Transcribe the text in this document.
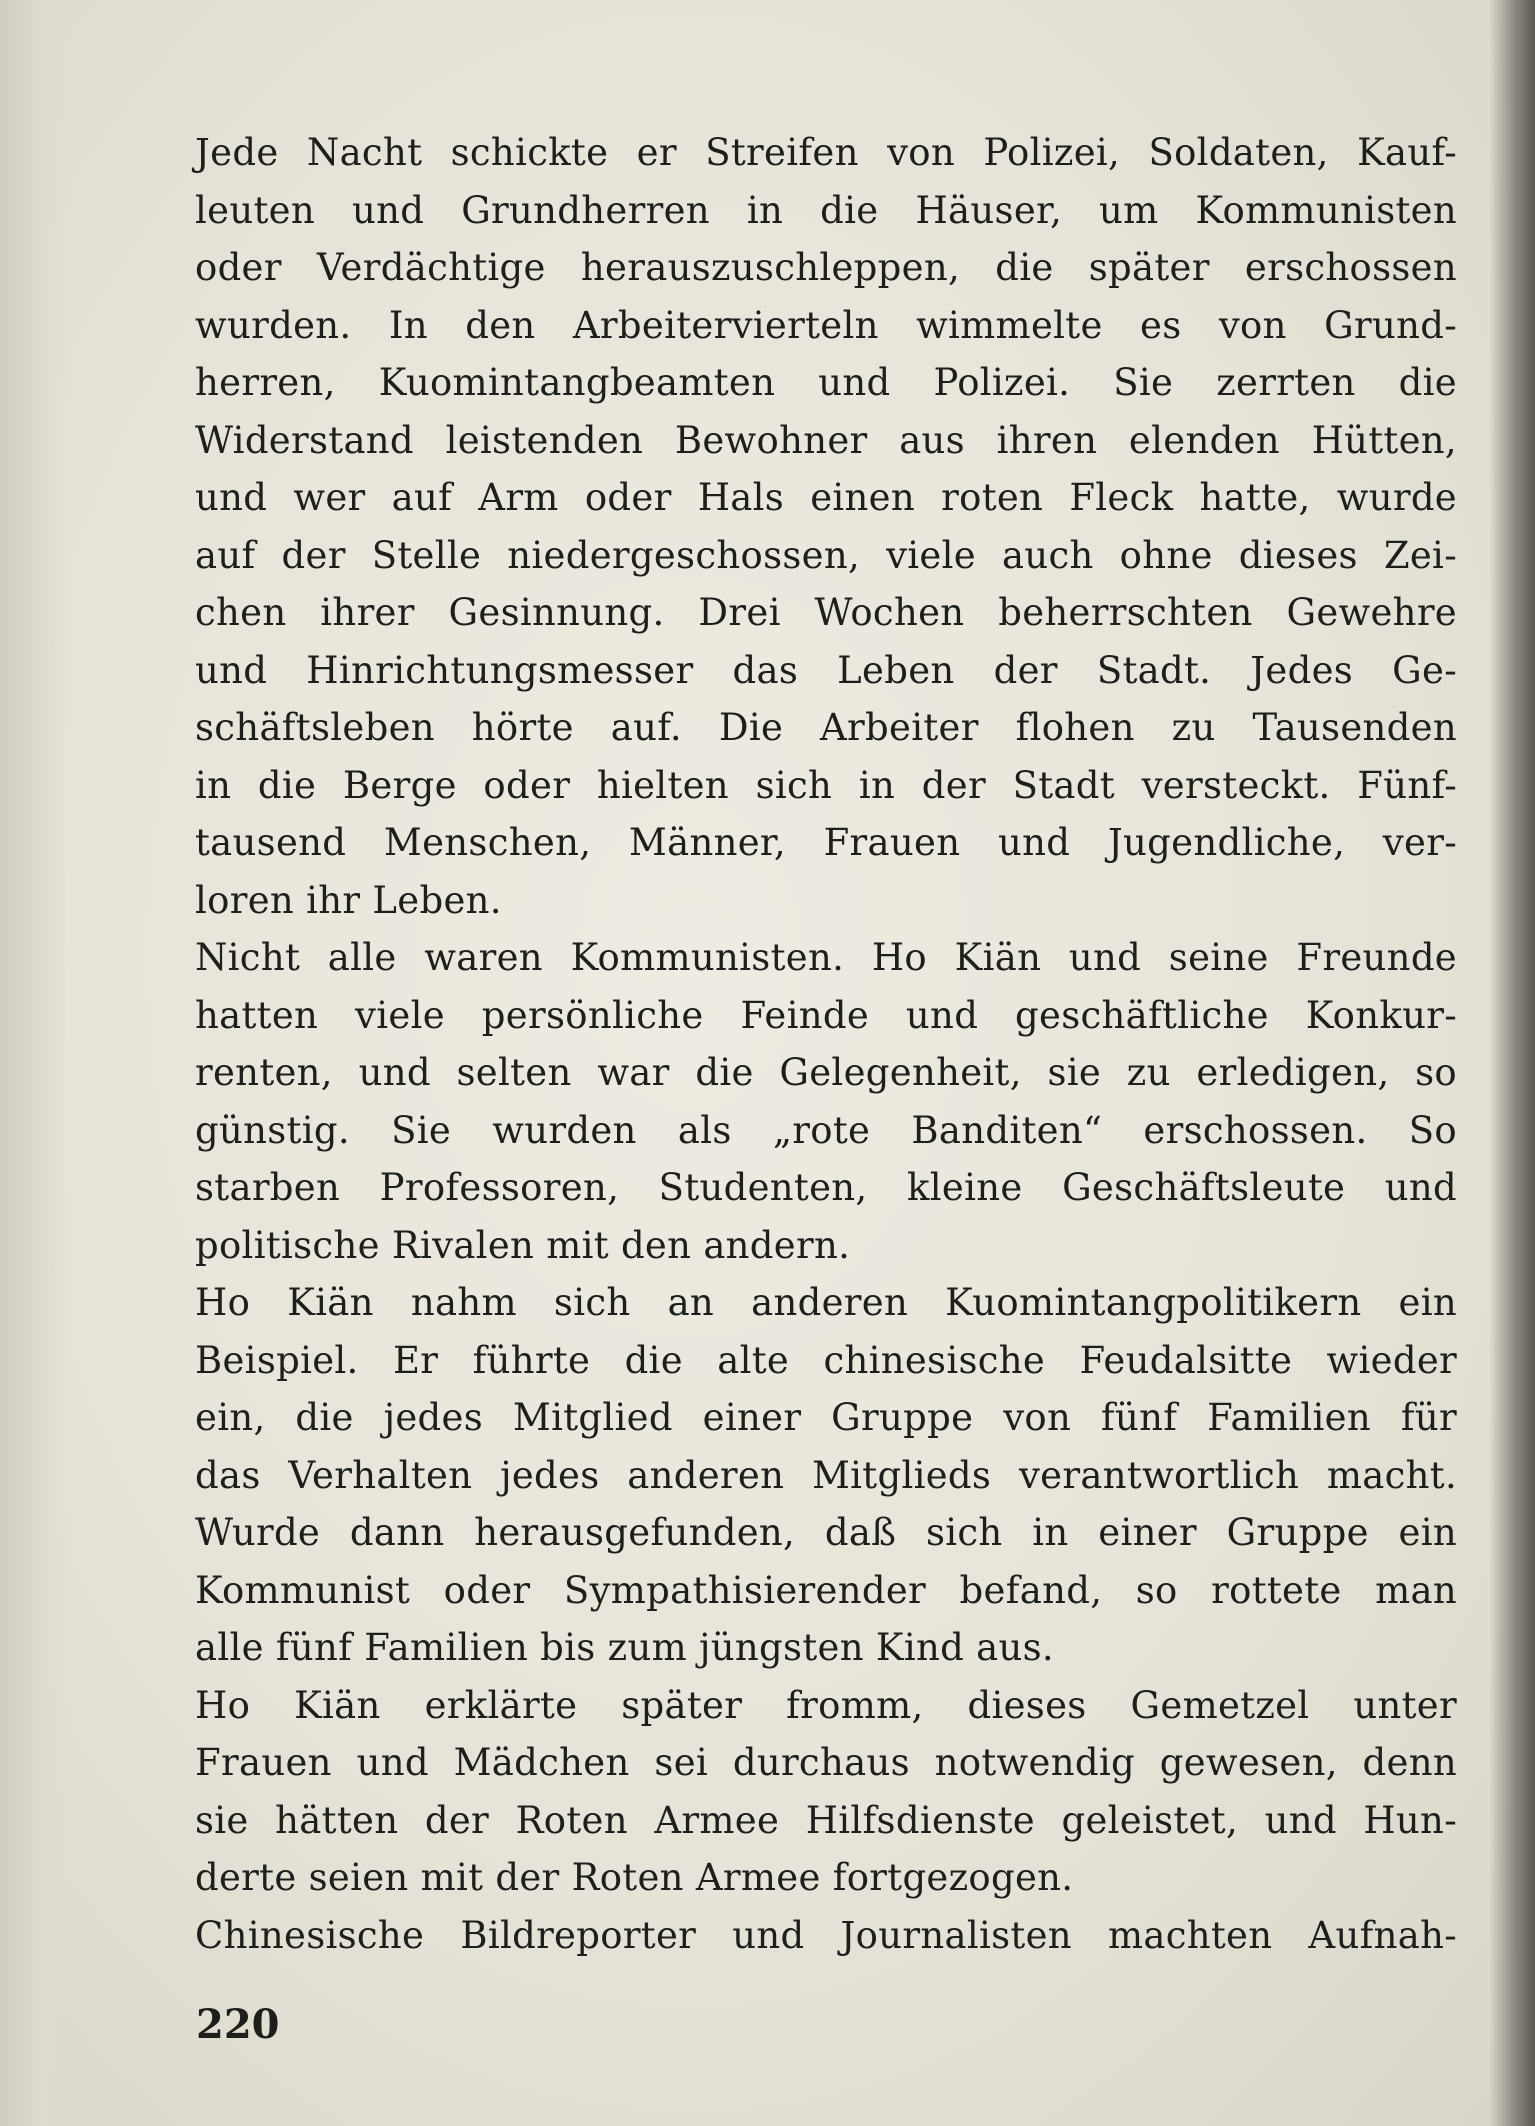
Jede Nacht schickte er Streifen von Polizei, Soldaten, Kauf-
leuten und Grundherren in die Häuser, um Kommunisten
oder Verdächtige herauszuschleppen, die später erschossen
wurden. In den Arbeitervierteln wimmelte es von Grund-
herren, Kuomintangbeamten und Polizei. Sie zerrten die
Widerstand leistenden Bewohner aus ihren elenden Hütten,
und wer auf Arm oder Hals einen roten Fleck hatte, wurde
auf der Stelle niedergeschossen, viele auch ohne dieses Zei-
chen ihrer Gesinnung. Drei Wochen beherrschten Gewehre
und Hinrichtungsmesser das Leben der Stadt. Jedes Ge-
schäftsleben hörte auf. Die Arbeiter flohen zu Tausenden
in die Berge oder hielten sich in der Stadt versteckt. Fünf-
tausend Menschen, Männer, Frauen und Jugendliche, ver-
loren ihr Leben.

Nicht alle waren Kommunisten. Ho Kiän und seine Freunde
hatten viele persönliche Feinde und geschäftliche Konkur-
renten, und selten war die Gelegenheit, sie zu erledigen, so
günstig. Sie wurden als „rote Banditen“ erschossen. So
starben Professoren, Studenten, kleine Geschäftsleute und
politische Rivalen mit den andern.

Ho Kiän nahm sich an anderen Kuomintangpolitikern ein
Beispiel. Er führte die alte chinesische Feudalsitte wieder
ein, die jedes Mitglied einer Gruppe von fünf Familien für
das Verhalten jedes anderen Mitglieds verantwortlich macht.
Wurde dann herausgefunden, daß sich in einer Gruppe ein
Kommunist oder Sympathisierender befand, so rottete man
alle fünf Familien bis zum jüngsten Kind aus.

Ho Kiän erklärte später fromm, dieses Gemetzel unter
Frauen und Mädchen sei durchaus notwendig gewesen, denn
sie hätten der Roten Armee Hilfsdienste geleistet, und Hun-
derte seien mit der Roten Armee fortgezogen.

Chinesische Bildreporter und Journalisten machten Aufnah-

220
